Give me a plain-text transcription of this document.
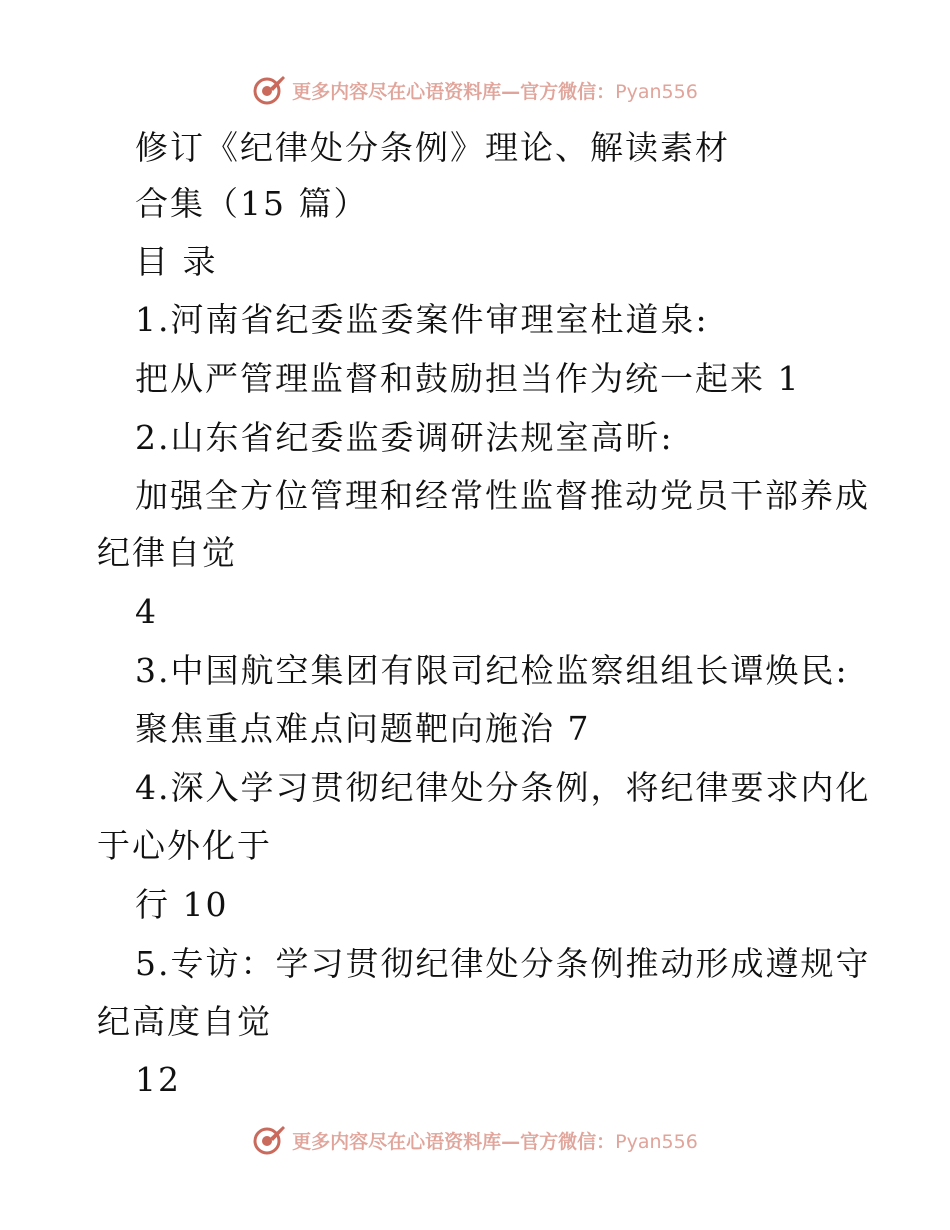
更多内容尽在心语资料库—官方微信：Pyan556
修订《纪律处分条例》理论、解读素材
合集（15 篇）
目 录
1.河南省纪委监委案件审理室杜道泉:
把从严管理监督和鼓励担当作为统一起来 1
2.山东省纪委监委调研法规室高昕:
加强全方位管理和经常性监督推动党员干部养成
纪律自觉
4
3.中国航空集团有限司纪检监察组组长谭焕民:
聚焦重点难点问题靶向施治 7
4.深入学习贯彻纪律处分条例，将纪律要求内化
于心外化于
行 10
5.专访：学习贯彻纪律处分条例推动形成遵规守
纪高度自觉
12
更多内容尽在心语资料库—官方微信：Pyan556
